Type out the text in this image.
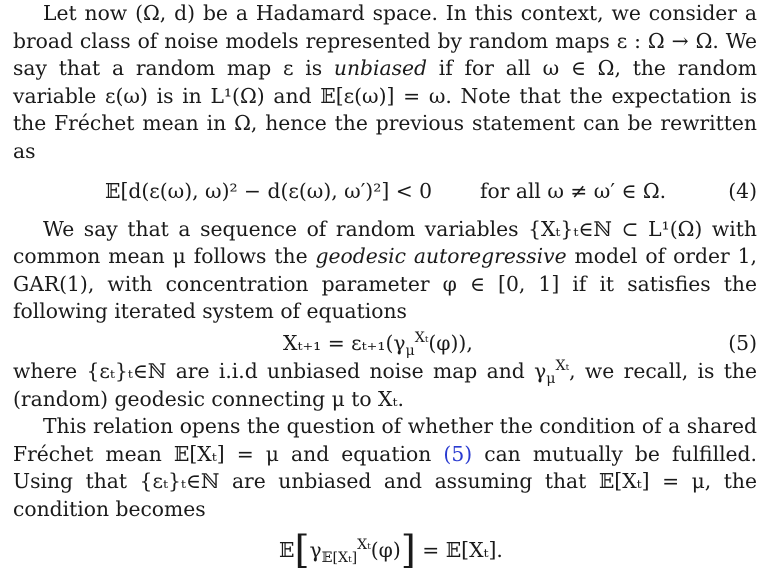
Let now (Ω, d) be a Hadamard space. In this context, we consider a broad class of noise models represented by random maps ε : Ω → Ω. We say that a random map ε is unbiased if for all ω ∈ Ω, the random variable ε(ω) is in L¹(Ω) and 𝔼[ε(ω)] = ω. Note that the expectation is the Fréchet mean in Ω, hence the previous statement can be rewritten as

𝔼[d(ε(ω), ω)² − d(ε(ω), ω′)²] < 0 for all ω ≠ ω′ ∈ Ω.	(4)

We say that a sequence of random variables {Xₜ}ₜ∈ℕ ⊂ L¹(Ω) with common mean μ follows the geodesic autoregressive model of order 1, GAR(1), with concentration parameter φ ∈ [0, 1] if it satisfies the following iterated system of equations

$X_{t+1} = \varepsilon_{t+1}(\gamma_\mu^{X_t}(\varphi))$,	(5)

where {εₜ}ₜ∈ℕ are i.i.d unbiased noise map and $\gamma_\mu^{X_t}$, we recall, is the (random) geodesic connecting μ to Xₜ.

This relation opens the question of whether the condition of a shared Fréchet mean 𝔼[Xₜ] = μ and equation (5) can mutually be fulfilled. Using that {εₜ}ₜ∈ℕ are unbiased and assuming that 𝔼[Xₜ] = μ, the condition becomes

$𝔼[\gamma_{𝔼[X_t]}^{X_t}(\varphi)]$ = 𝔼[Xₜ].
